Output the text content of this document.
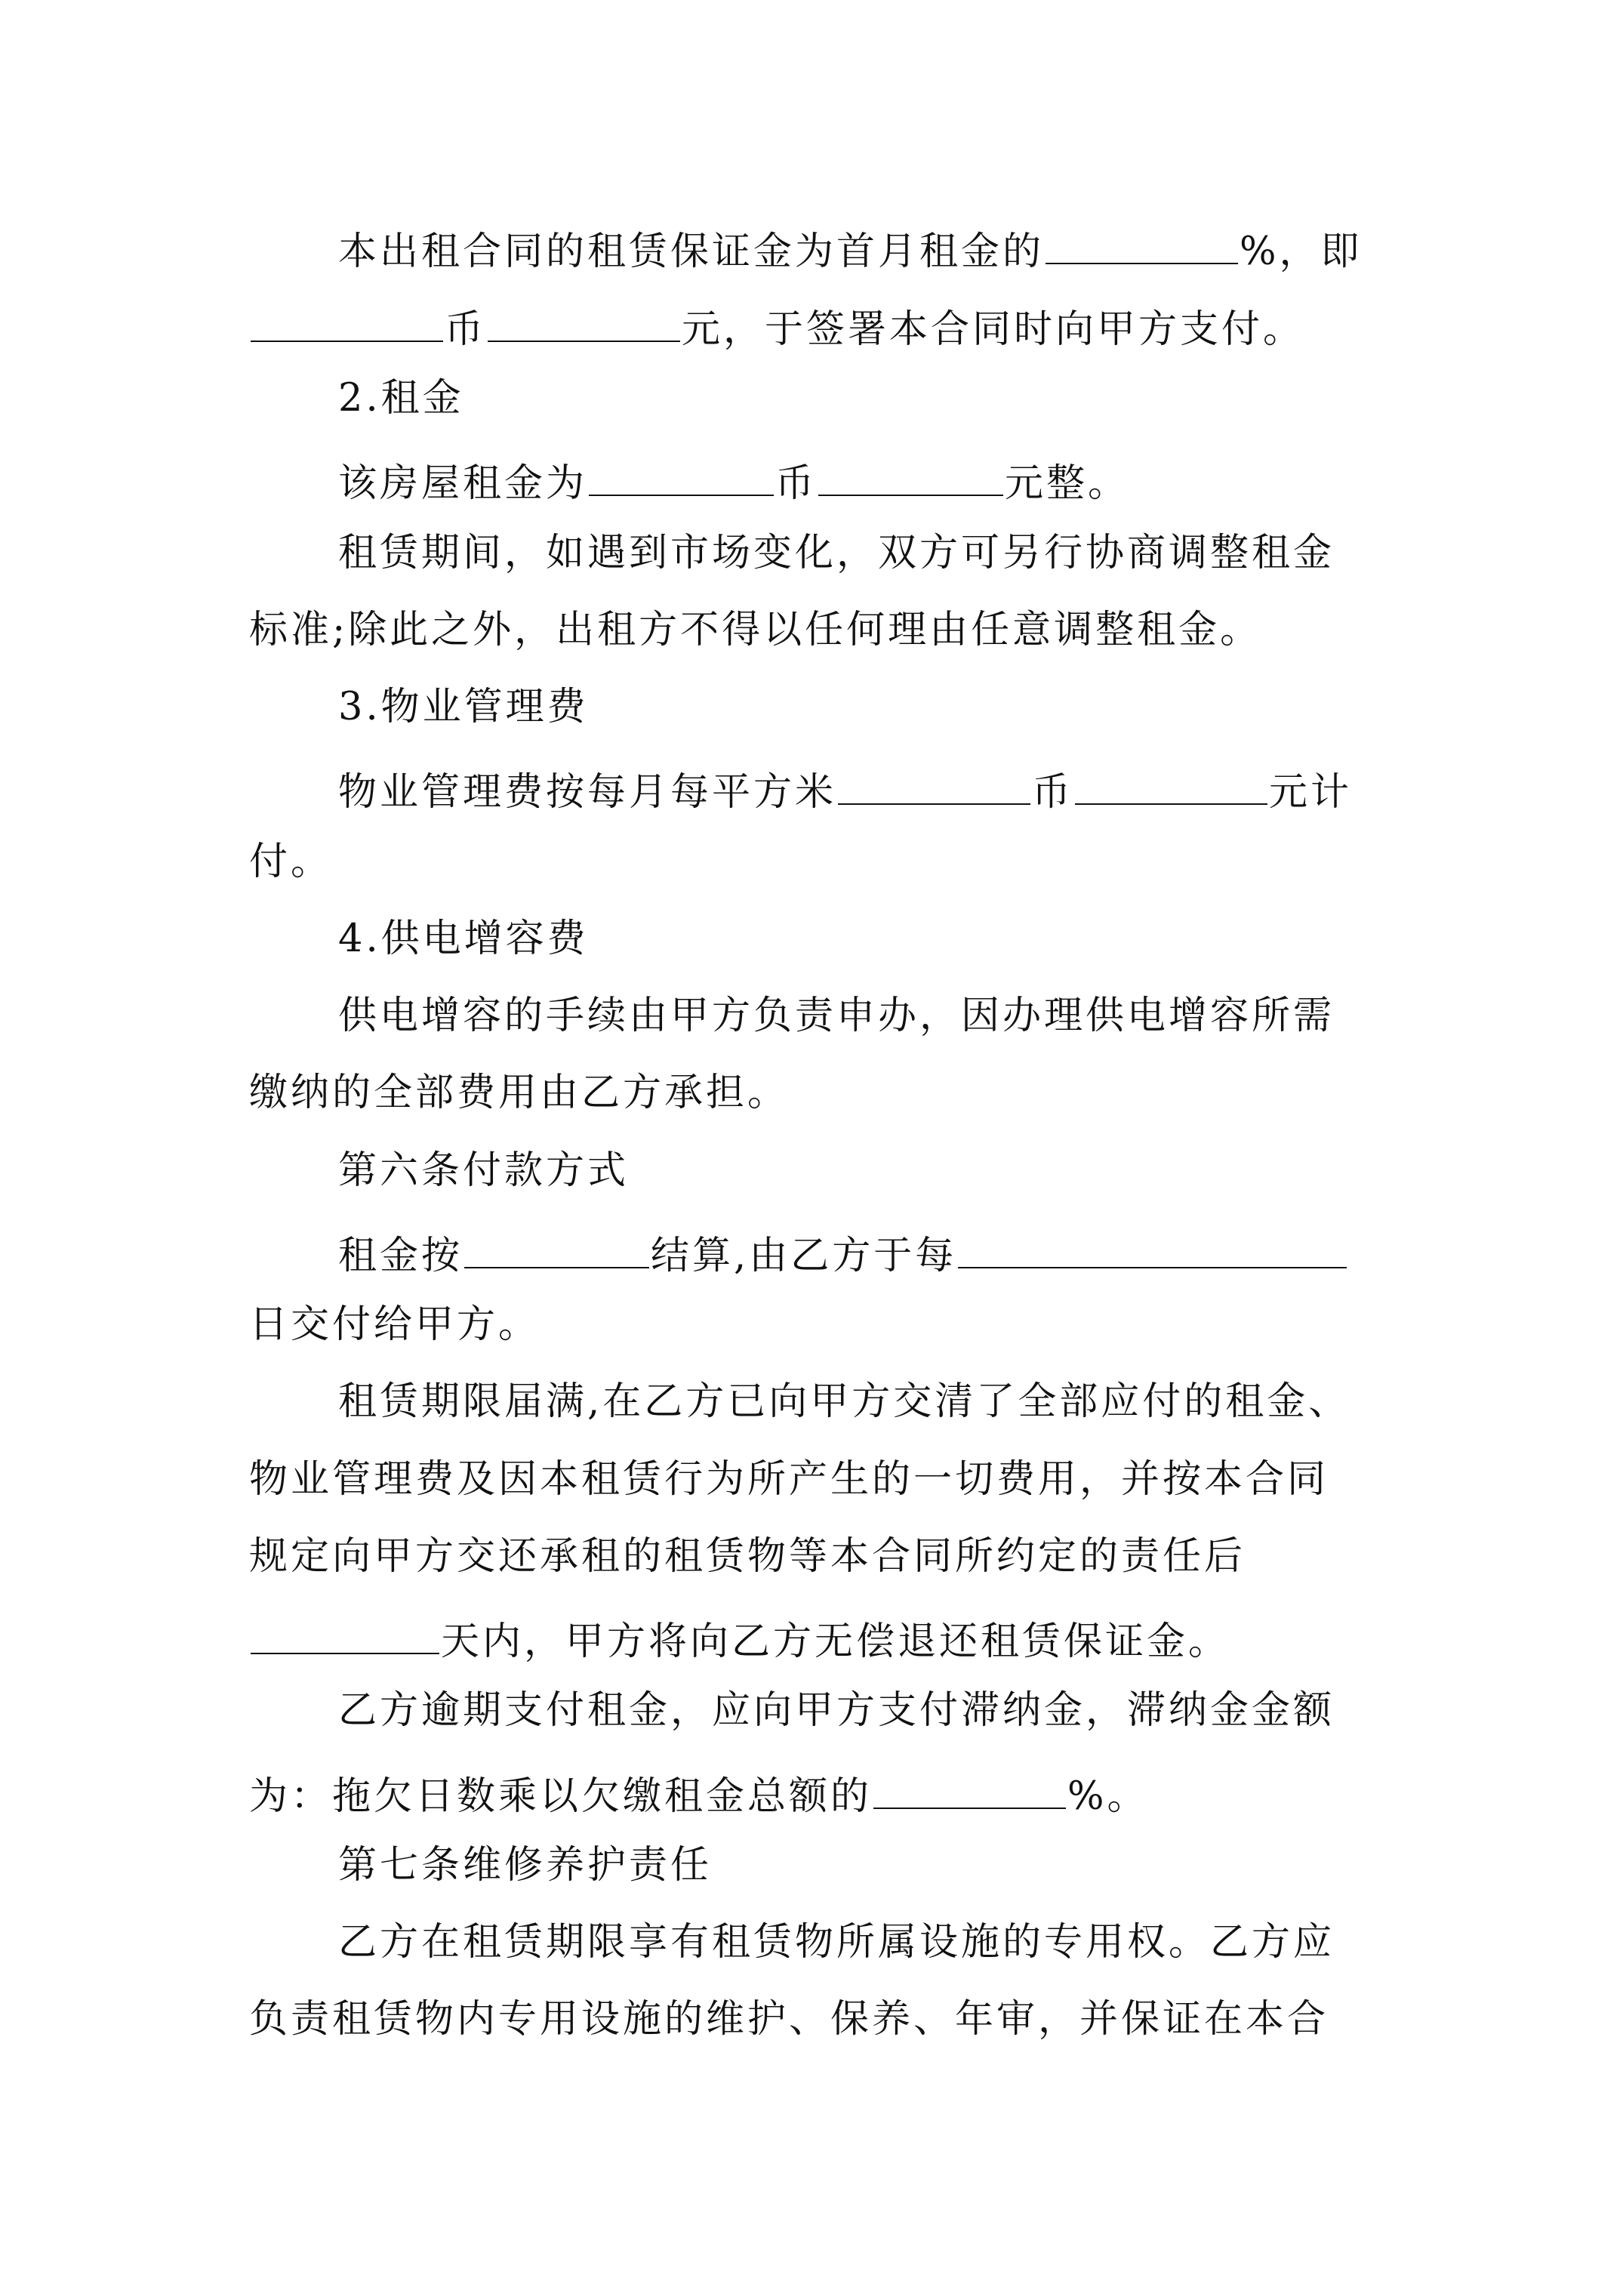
本出租合同的租赁保证金为首月租金的	%，即
币	元，于签署本合同时向甲方支付。
2.租金
该房屋租金为	币	元整。
租赁期间，如遇到市场变化，双方可另行协商调整租金
标准;除此之外，出租方不得以任何理由任意调整租金。
3.物业管理费
物业管理费按每月每平方米	币	元计
付。
4.供电增容费
供电增容的手续由甲方负责申办，因办理供电增容所需
缴纳的全部费用由乙方承担。
第六条付款方式
租金按	结算,由乙方于每
日交付给甲方。
租赁期限届满,在乙方已向甲方交清了全部应付的租金、
物业管理费及因本租赁行为所产生的一切费用，并按本合同
规定向甲方交还承租的租赁物等本合同所约定的责任后
天内，甲方将向乙方无偿退还租赁保证金。
乙方逾期支付租金，应向甲方支付滞纳金，滞纳金金额
为：拖欠日数乘以欠缴租金总额的	%。
第七条维修养护责任
乙方在租赁期限享有租赁物所属设施的专用权。乙方应
负责租赁物内专用设施的维护、保养、年审，并保证在本合
